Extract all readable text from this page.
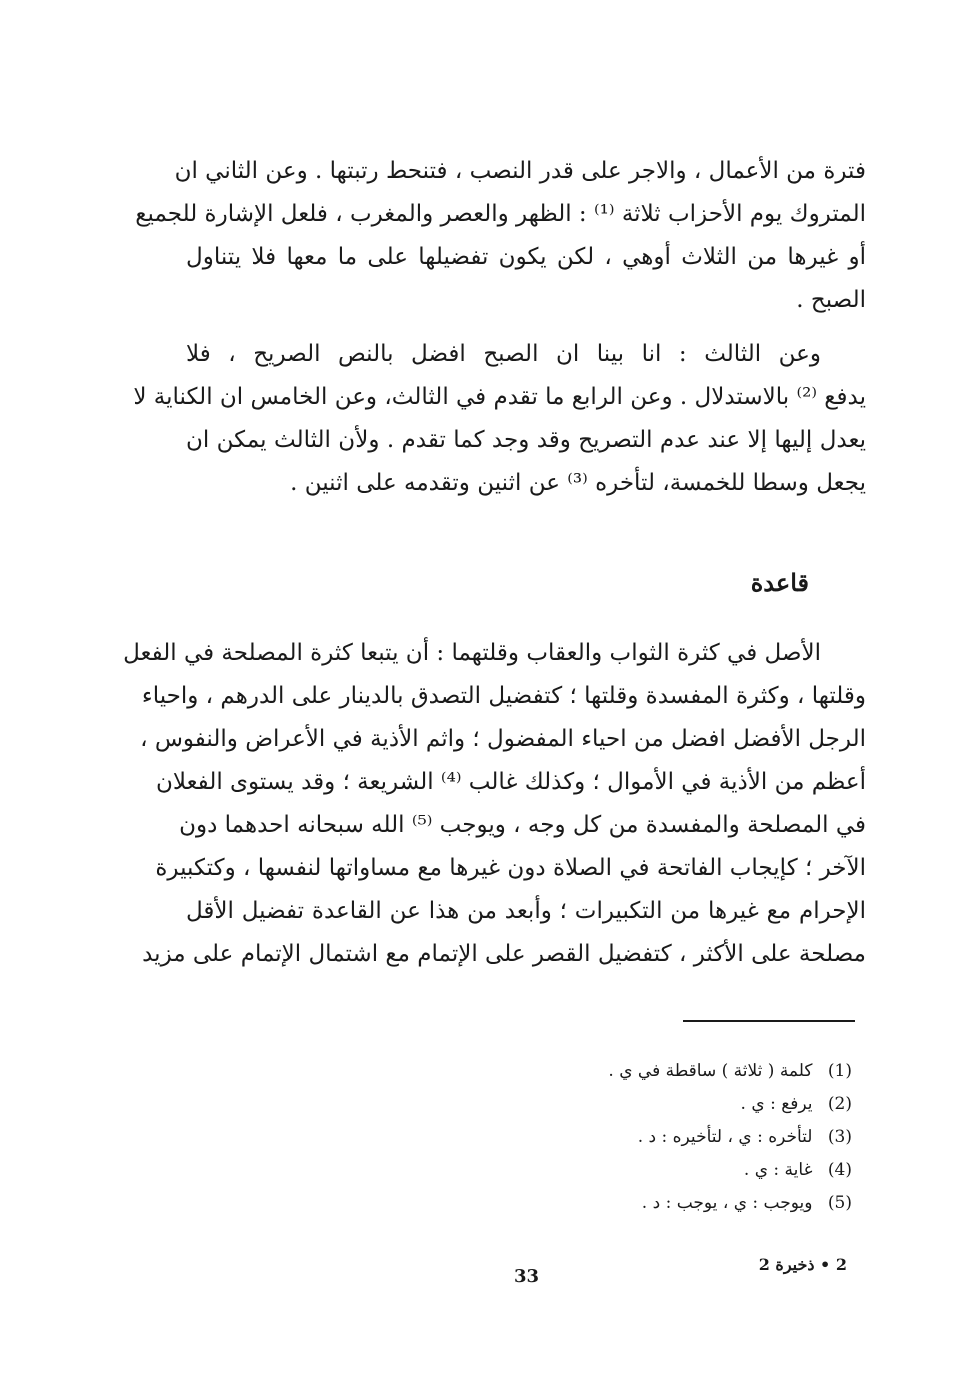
فترة من الأعمال ، والاجر على قدر النصب ، فتنحط رتبتها . وعن الثاني ان
المتروك يوم الأحزاب ثلاثة ⁽¹⁾ : الظهر والعصر والمغرب ، فلعل الإشارة للجميع
أو غيرها من الثلاث أوهي ، لكن يكون تفضيلها على ما معها فلا يتناول
الصبح .
وعن الثالث : انا بينا ان الصبح افضل بالنص الصريح ، فلا
يدفع ⁽²⁾ بالاستدلال . وعن الرابع ما تقدم في الثالث، وعن الخامس ان الكناية لا
يعدل إليها إلا عند عدم التصريح وقد وجد كما تقدم . ولأن الثالث يمكن ان
يجعل وسطا للخمسة، لتأخره ⁽³⁾ عن اثنين وتقدمه على اثنين .
قاعدة
الأصل في كثرة الثواب والعقاب وقلتهما : أن يتبعا كثرة المصلحة في الفعل
وقلتها ، وكثرة المفسدة وقلتها ؛ كتفضيل التصدق بالدينار على الدرهم ، واحياء
الرجل الأفضل افضل من احياء المفضول ؛ واثم الأذية في الأعراض والنفوس ،
أعظم من الأذية في الأموال ؛ وكذلك غالب ⁽⁴⁾ الشريعة ؛ وقد يستوى الفعلان
في المصلحة والمفسدة من كل وجه ، ويوجب ⁽⁵⁾ الله سبحانه احدهما دون
الآخر ؛ كإيجاب الفاتحة في الصلاة دون غيرها مع مساواتها لنفسها ، وكتكبيرة
الإحرام مع غيرها من التكبيرات ؛ وأبعد من هذا عن القاعدة تفضيل الأقل
مصلحة على الأكثر ، كتفضيل القصر على الإتمام مع اشتمال الإتمام على مزيد
(1) كلمة ( ثلاثة ) ساقطة في ي .
(2) يرفع : ي .
(3) لتأخره : ي ، لتأخيره : د .
(4) غاية : ي .
(5) ويوجب : ي ، يوجب : د .
2 • ذخيرة 2
33
